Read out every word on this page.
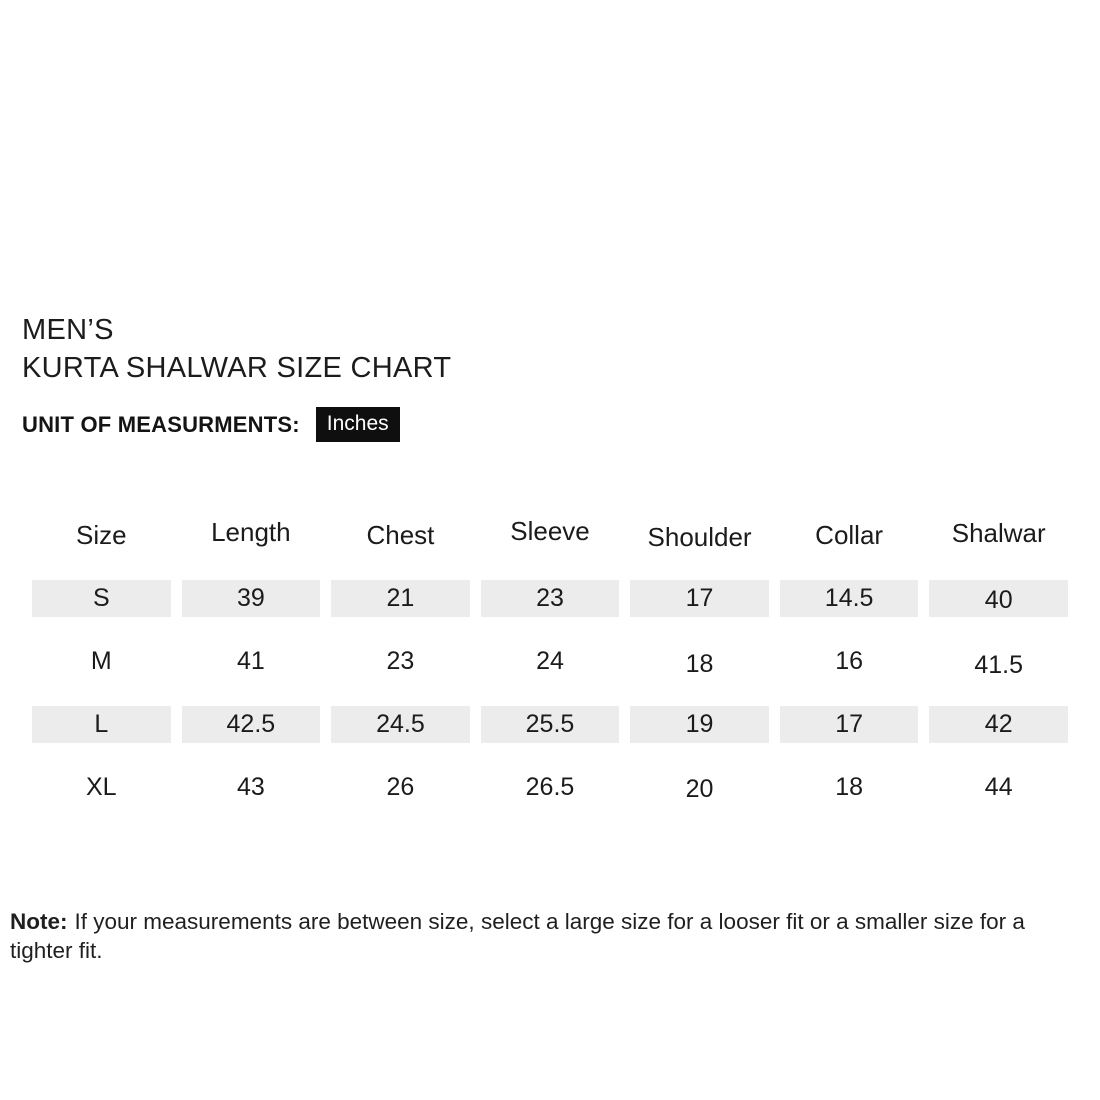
MEN’S
KURTA SHALWAR SIZE CHART
UNIT OF MEASURMENTS:	Inches
Size	Length	Chest	Sleeve	Shoulder	Collar	Shalwar
S	39	21	23	17	14.5	40
M	41	23	24	18	16	41.5
L	42.5	24.5	25.5	19	17	42
XL	43	26	26.5	20	18	44

Note: If your measurements are between size, select a large size for a looser fit or a smaller size for a tighter fit.
